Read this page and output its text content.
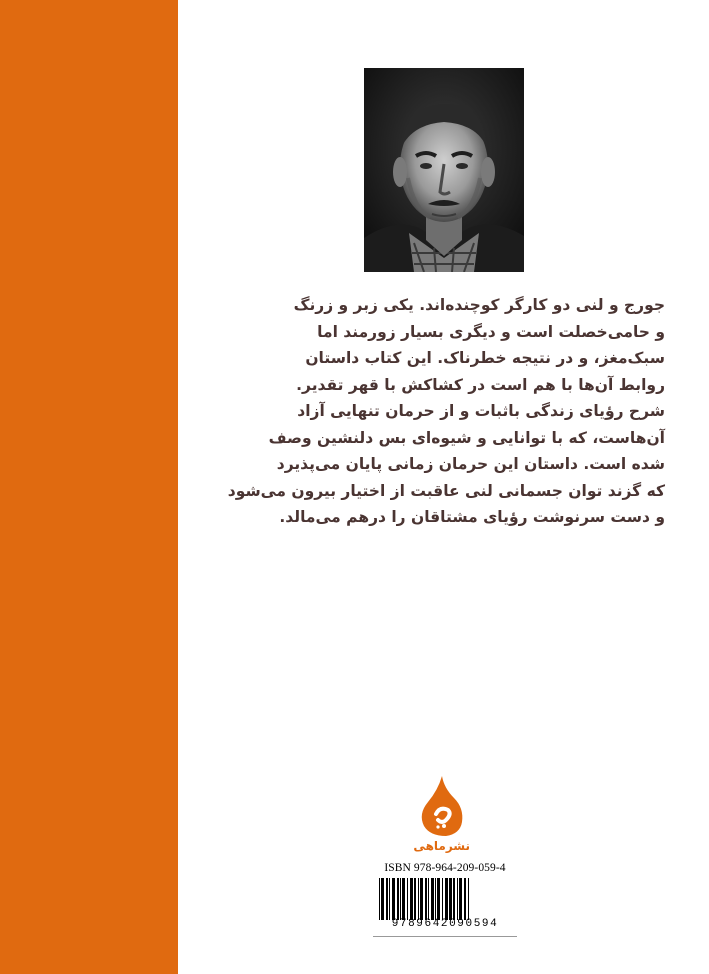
جورج و لنی دو کارگر کوچنده‌اند. یکی زبر و زرنگ
و حامی‌خصلت است و دیگری بسیار زورمند اما
سبک‌مغز، و در نتیجه خطرناک. این کتاب داستان
روابط آن‌ها با هم است در کشاکش با قهر تقدیر.
شرح رؤیای زندگی باثبات و از حرمان تنهایی آزاد
آن‌هاست، که با توانایی و شیوه‌ای بس دلنشین وصف
شده است. داستان این حرمان زمانی پایان می‌پذیرد
که گزند توان جسمانی لنی عاقبت از اختیار بیرون می‌شود
و دست سرنوشت رؤیای مشتاقان را درهم می‌مالد.
نشرماهی
ISBN 978-964-209-059-4
9789642090594
